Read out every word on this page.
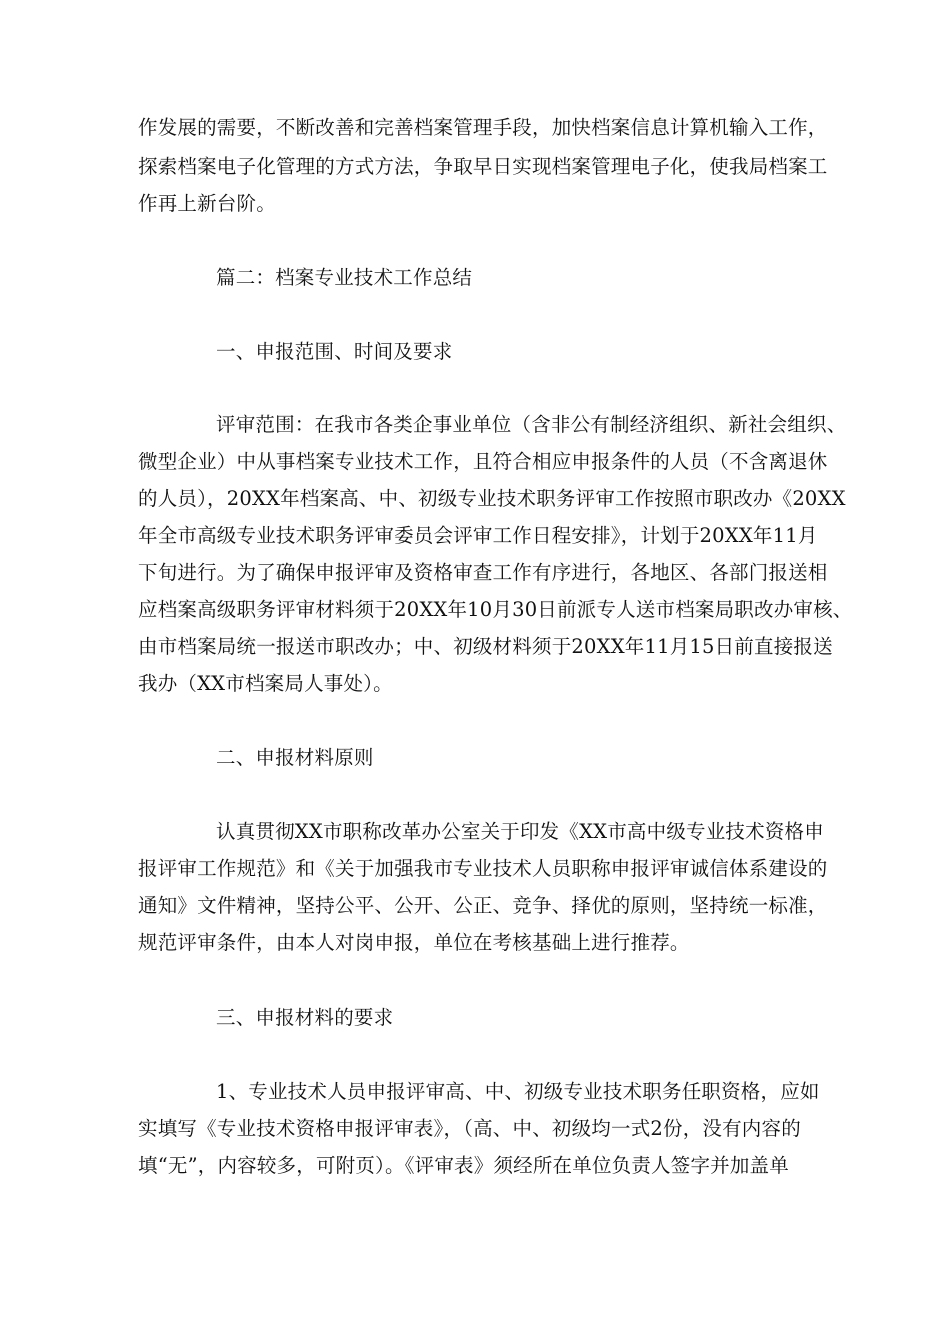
作发展的需要，不断改善和完善档案管理手段，加快档案信息计算机输入工作，
探索档案电子化管理的方式方法，争取早日实现档案管理电子化，使我局档案工
作再上新台阶。
篇二：档案专业技术工作总结
一、申报范围、时间及要求
评审范围：在我市各类企事业单位（含非公有制经济组织、新社会组织、
微型企业）中从事档案专业技术工作，且符合相应申报条件的人员（不含离退休
的人员），20XX年档案高、中、初级专业技术职务评审工作按照市职改办《20XX
年全市高级专业技术职务评审委员会评审工作日程安排》，计划于20XX年11月
下旬进行。为了确保申报评审及资格审查工作有序进行，各地区、各部门报送相
应档案高级职务评审材料须于20XX年10月30日前派专人送市档案局职改办审核、
由市档案局统一报送市职改办；中、初级材料须于20XX年11月15日前直接报送
我办（XX市档案局人事处）。
二、申报材料原则
认真贯彻XX市职称改革办公室关于印发《XX市高中级专业技术资格申
报评审工作规范》和《关于加强我市专业技术人员职称申报评审诚信体系建设的
通知》文件精神，坚持公平、公开、公正、竞争、择优的原则，坚持统一标准，
规范评审条件，由本人对岗申报，单位在考核基础上进行推荐。
三、申报材料的要求
1、专业技术人员申报评审高、中、初级专业技术职务任职资格，应如
实填写《专业技术资格申报评审表》，（高、中、初级均一式2份，没有内容的
填“无”，内容较多，可附页）。《评审表》须经所在单位负责人签字并加盖单
